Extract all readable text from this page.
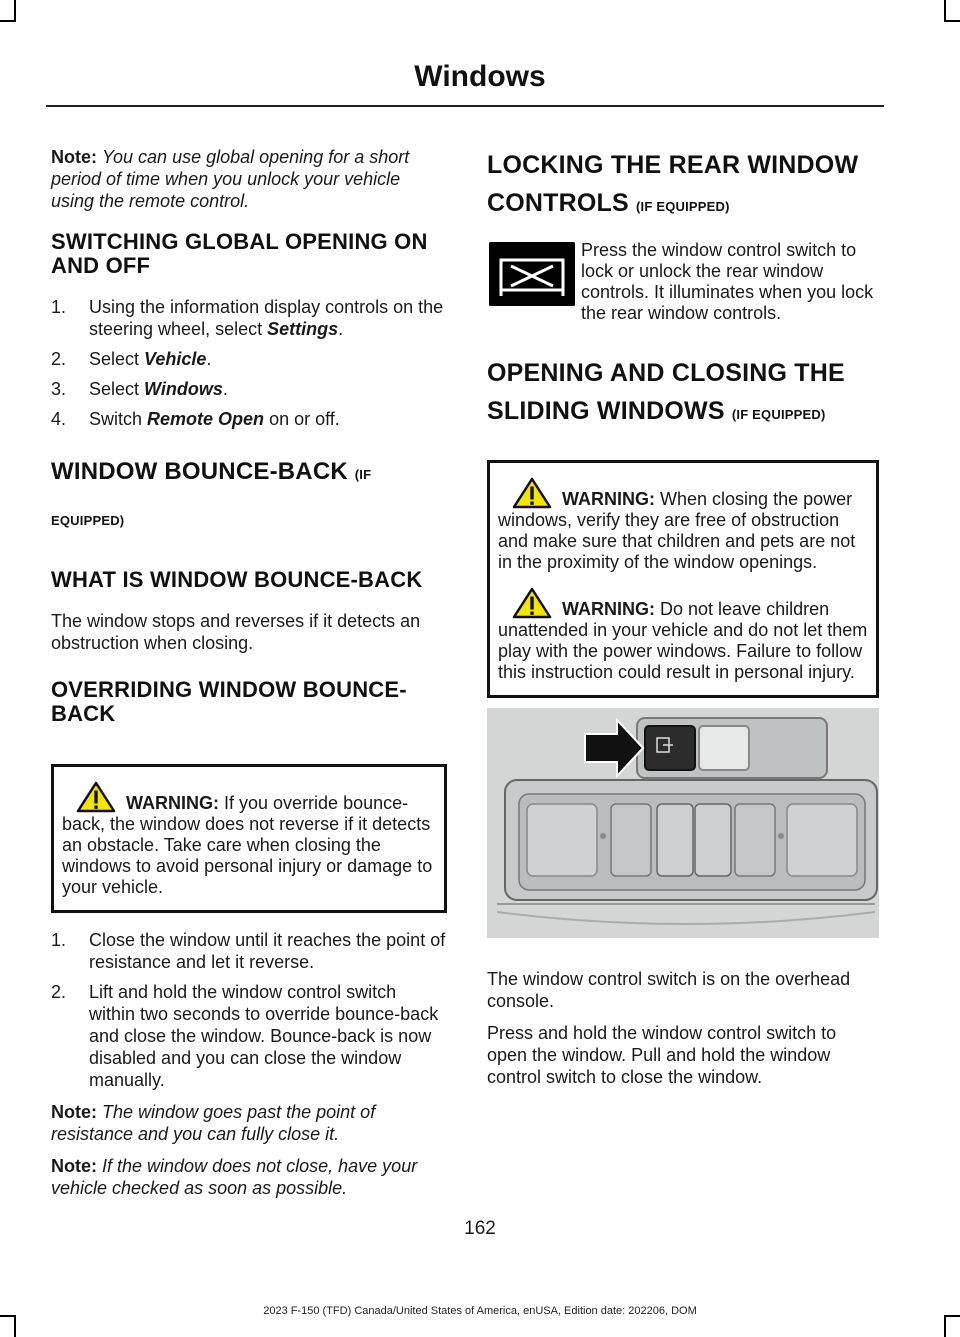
Windows

Note: You can use global opening for a short period of time when you unlock your vehicle using the remote control.

SWITCHING GLOBAL OPENING ON AND OFF
1. Using the information display controls on the steering wheel, select Settings.
2. Select Vehicle.
3. Select Windows.
4. Switch Remote Open on or off.
WINDOW BOUNCE-BACK (IF EQUIPPED)
WHAT IS WINDOW BOUNCE-BACK

The window stops and reverses if it detects an obstruction when closing.

OVERRIDING WINDOW BOUNCE-BACK

WARNING: If you override bounce-back, the window does not reverse if it detects an obstacle. Take care when closing the windows to avoid personal injury or damage to your vehicle.

1. Close the window until it reaches the point of resistance and let it reverse.
2. Lift and hold the window control switch within two seconds to override bounce-back and close the window. Bounce-back is now disabled and you can close the window manually.

Note: The window goes past the point of resistance and you can fully close it.

Note: If the window does not close, have your vehicle checked as soon as possible.

LOCKING THE REAR WINDOW CONTROLS (IF EQUIPPED)

Press the window control switch to lock or unlock the rear window controls. It illuminates when you lock the rear window controls.

OPENING AND CLOSING THE SLIDING WINDOWS (IF EQUIPPED)

WARNING: When closing the power windows, verify they are free of obstruction and make sure that children and pets are not in the proximity of the window openings.

WARNING: Do not leave children unattended in your vehicle and do not let them play with the power windows. Failure to follow this instruction could result in personal injury.

The window control switch is on the overhead console.

Press and hold the window control switch to open the window. Pull and hold the window control switch to close the window.

162
2023 F-150 (TFD) Canada/United States of America, enUSA, Edition date: 202206, DOM
